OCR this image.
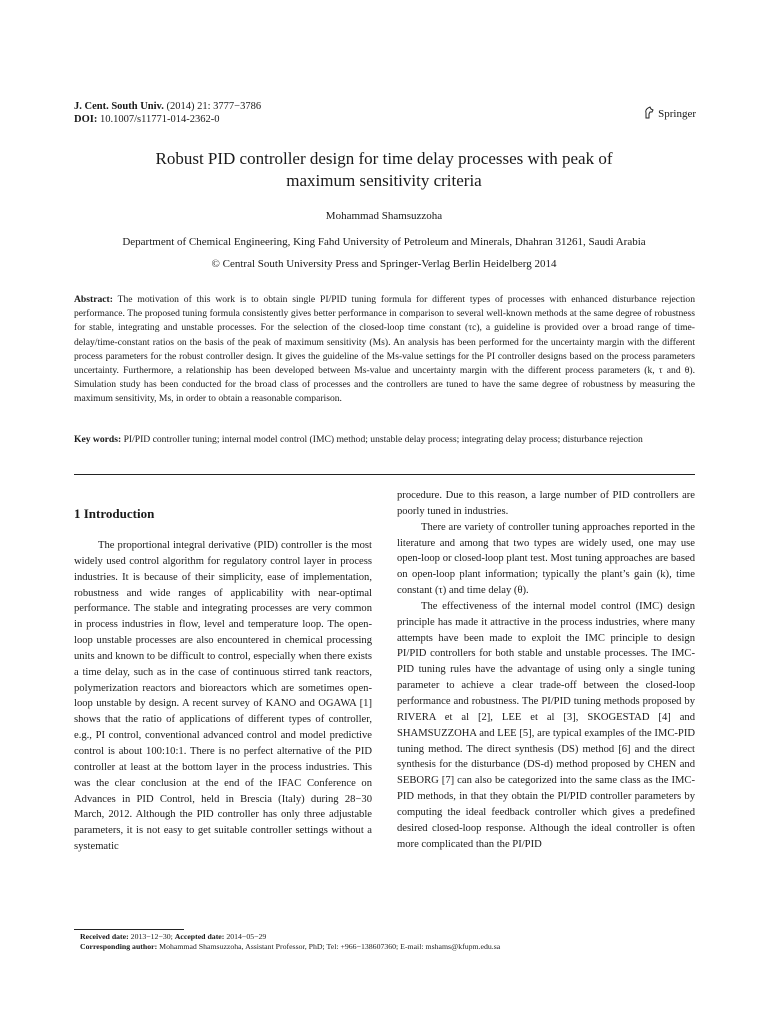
J. Cent. South Univ. (2014) 21: 3777−3786
DOI: 10.1007/s11771-014-2362-0	Springer
Robust PID controller design for time delay processes with peak of
maximum sensitivity criteria
Mohammad Shamsuzzoha
Department of Chemical Engineering, King Fahd University of Petroleum and Minerals, Dhahran 31261, Saudi Arabia
© Central South University Press and Springer-Verlag Berlin Heidelberg 2014
Abstract: The motivation of this work is to obtain single PI/PID tuning formula for different types of processes with enhanced disturbance rejection performance. The proposed tuning formula consistently gives better performance in comparison to several well-known methods at the same degree of robustness for stable, integrating and unstable processes. For the selection of the closed-loop time constant (τc), a guideline is provided over a broad range of time-delay/time-constant ratios on the basis of the peak of maximum sensitivity (Ms). An analysis has been performed for the uncertainty margin with the different process parameters for the robust controller design. It gives the guideline of the Ms-value settings for the PI controller designs based on the process parameters uncertainty. Furthermore, a relationship has been developed between Ms-value and uncertainty margin with the different process parameters (k, τ and θ). Simulation study has been conducted for the broad class of processes and the controllers are tuned to have the same degree of robustness by measuring the maximum sensitivity, Ms, in order to obtain a reasonable comparison.
Key words: PI/PID controller tuning; internal model control (IMC) method; unstable delay process; integrating delay process; disturbance rejection
1 Introduction

The proportional integral derivative (PID) controller is the most widely used control algorithm for regulatory control layer in process industries. It is because of their simplicity, ease of implementation, robustness and wide ranges of applicability with near-optimal performance. The stable and integrating processes are very common in process industries in flow, level and temperature loop. The open-loop unstable processes are also encountered in chemical processing units and known to be difficult to control, especially when there exists a time delay, such as in the case of continuous stirred tank reactors, polymerization reactors and bioreactors which are sometimes open-loop unstable by design. A recent survey of KANO and OGAWA [1] shows that the ratio of applications of different types of controller, e.g., PI control, conventional advanced control and model predictive control is about 100:10:1. There is no perfect alternative of the PID controller at least at the bottom layer in the process industries. This was the clear conclusion at the end of the IFAC Conference on Advances in PID Control, held in Brescia (Italy) during 28−30 March, 2012. Although the PID controller has only three adjustable parameters, it is not easy to get suitable controller settings without a systematic

procedure. Due to this reason, a large number of PID controllers are poorly tuned in industries.

There are variety of controller tuning approaches reported in the literature and among that two types are widely used, one may use open-loop or closed-loop plant test. Most tuning approaches are based on open-loop plant information; typically the plant’s gain (k), time constant (τ) and time delay (θ).

The effectiveness of the internal model control (IMC) design principle has made it attractive in the process industries, where many attempts have been made to exploit the IMC principle to design PI/PID controllers for both stable and unstable processes. The IMC-PID tuning rules have the advantage of using only a single tuning parameter to achieve a clear trade-off between the closed-loop performance and robustness. The PI/PID tuning methods proposed by RIVERA et al [2], LEE et al [3], SKOGESTAD [4] and SHAMSUZZOHA and LEE [5], are typical examples of the IMC-PID tuning method. The direct synthesis (DS) method [6] and the direct synthesis for the disturbance (DS-d) method proposed by CHEN and SEBORG [7] can also be categorized into the same class as the IMC-PID methods, in that they obtain the PI/PID controller parameters by computing the ideal feedback controller which gives a predefined desired closed-loop response. Although the ideal controller is often more complicated than the PI/PID

Received date: 2013−12−30; Accepted date: 2014−05−29
Corresponding author: Mohammad Shamsuzzoha, Assistant Professor, PhD; Tel: +966−138607360; E-mail: mshams@kfupm.edu.sa
